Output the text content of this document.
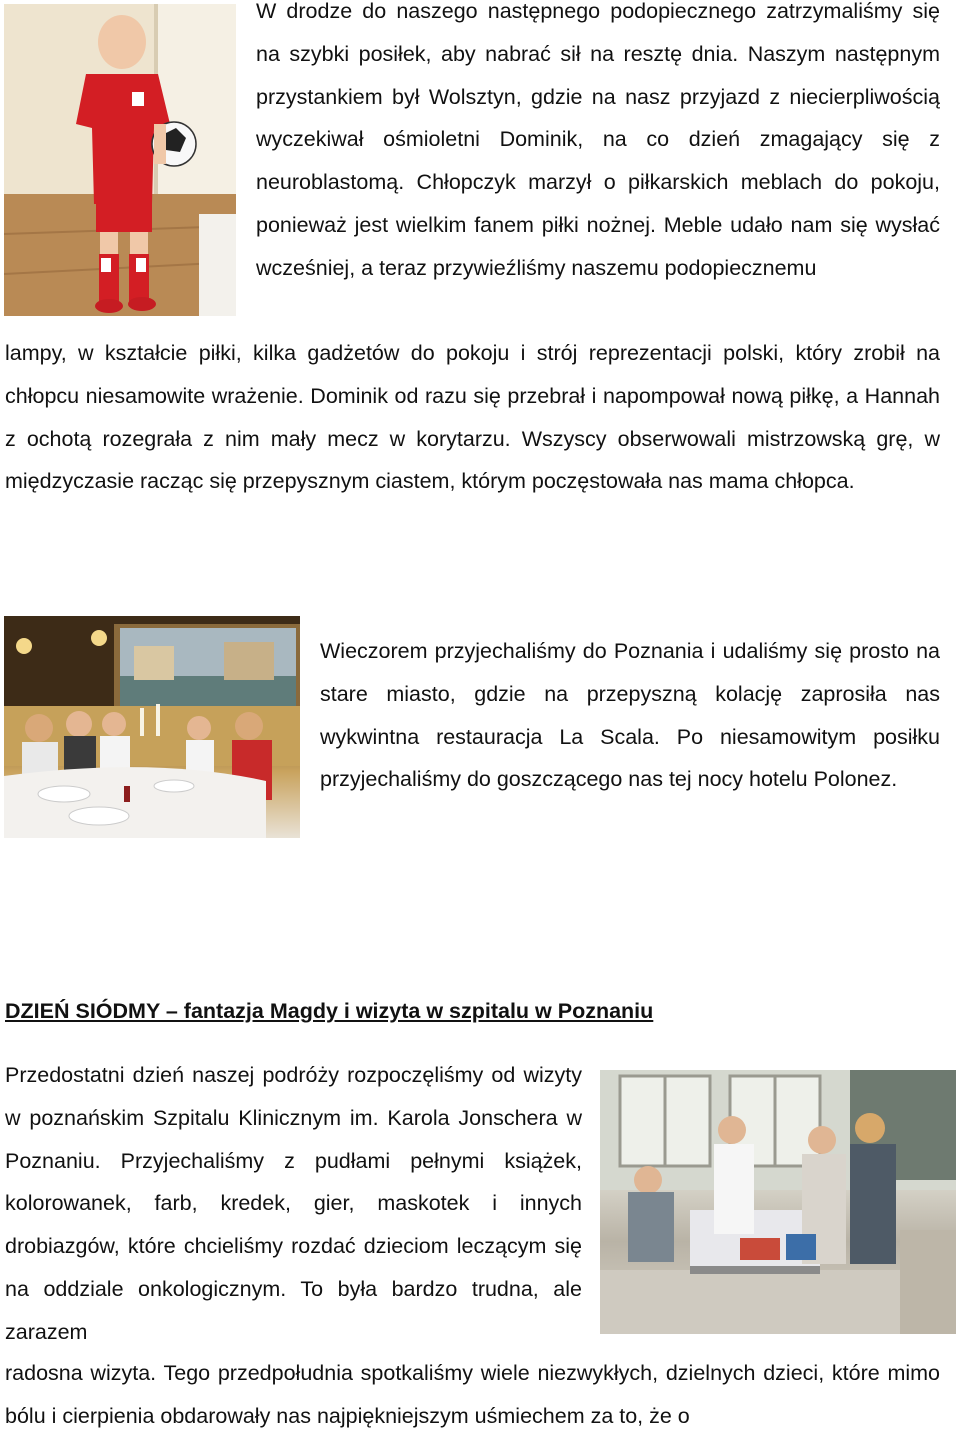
W drodze do naszego następnego podopiecznego zatrzymaliśmy się na szybki posiłek, aby nabrać sił na resztę dnia. Naszym następnym przystankiem był Wolsztyn, gdzie na nasz przyjazd z niecierpliwością wyczekiwał ośmioletni Dominik, na co dzień zmagający się z neuroblastomą. Chłopczyk marzył o piłkarskich meblach do pokoju, ponieważ jest wielkim fanem piłki nożnej. Meble udało nam się wysłać wcześniej, a teraz przywieźliśmy naszemu podopiecznemu

lampy, w kształcie piłki, kilka gadżetów do pokoju i strój reprezentacji polski, który zrobił na chłopcu niesamowite wrażenie. Dominik od razu się przebrał i napompował nową piłkę, a Hannah z ochotą rozegrała z nim mały mecz w korytarzu. Wszyscy obserwowali mistrzowską grę, w międzyczasie racząc się przepysznym ciastem, którym poczęstowała nas mama chłopca.

Wieczorem przyjechaliśmy do Poznania i udaliśmy się prosto na stare miasto, gdzie na przepyszną kolację zaprosiła nas wykwintna restauracja La Scala. Po niesamowitym posiłku przyjechaliśmy do goszczącego nas tej nocy hotelu Polonez.

DZIEŃ SIÓDMY – fantazja Magdy i wizyta w szpitalu w Poznaniu

Przedostatni dzień naszej podróży rozpoczęliśmy od wizyty w poznańskim Szpitalu Klinicznym im. Karola Jonschera w Poznaniu. Przyjechaliśmy z pudłami pełnymi książek, kolorowanek, farb, kredek, gier, maskotek i innych drobiazgów, które chcieliśmy rozdać dzieciom leczącym się na oddziale onkologicznym. To była bardzo trudna, ale zarazem

radosna wizyta. Tego przedpołudnia spotkaliśmy wiele niezwykłych, dzielnych dzieci, które mimo bólu i cierpienia obdarowały nas najpiękniejszym uśmiechem za to, że o
